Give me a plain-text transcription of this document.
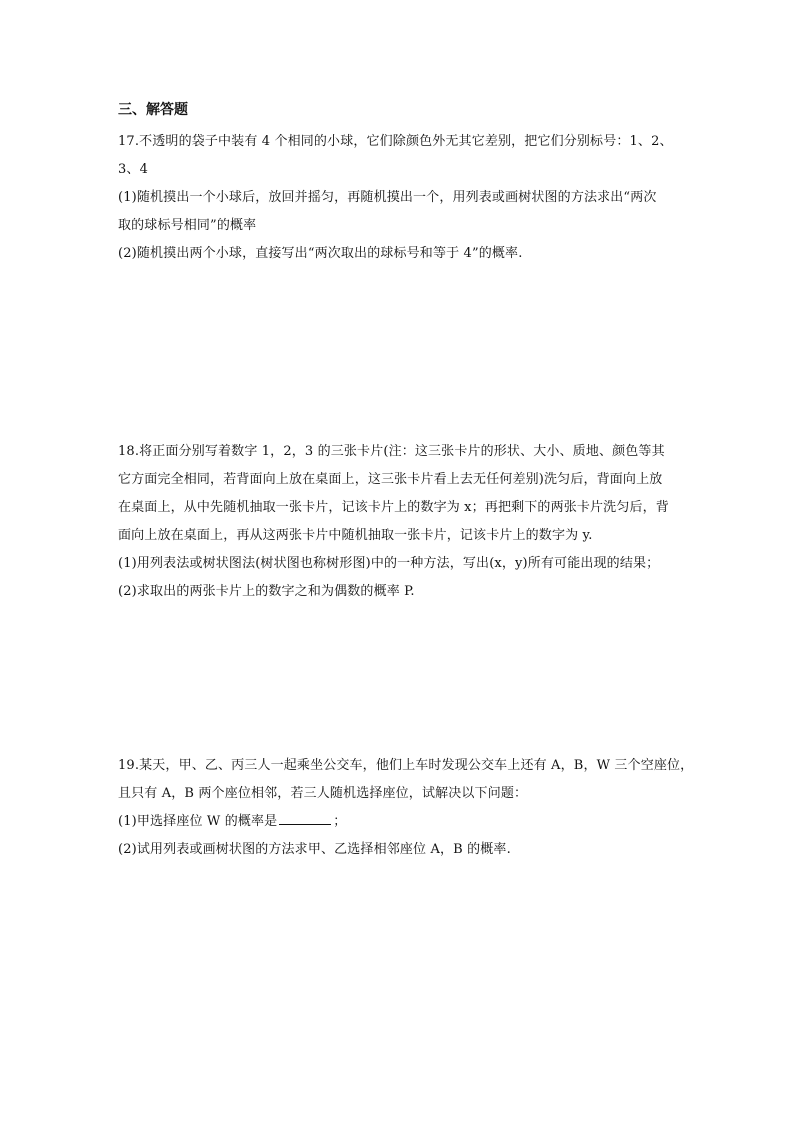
三、解答题
17.不透明的袋子中装有 4 个相同的小球，它们除颜色外无其它差别，把它们分别标号：1、2、
3、4
(1)随机摸出一个小球后，放回并摇匀，再随机摸出一个，用列表或画树状图的方法求出“两次
取的球标号相同”的概率
(2)随机摸出两个小球，直接写出“两次取出的球标号和等于 4”的概率.
18.将正面分别写着数字 1，2，3 的三张卡片(注：这三张卡片的形状、大小、质地、颜色等其
它方面完全相同，若背面向上放在桌面上，这三张卡片看上去无任何差别)洗匀后，背面向上放
在桌面上，从中先随机抽取一张卡片，记该卡片上的数字为 x；再把剩下的两张卡片洗匀后，背
面向上放在桌面上，再从这两张卡片中随机抽取一张卡片，记该卡片上的数字为 y.
(1)用列表法或树状图法(树状图也称树形图)中的一种方法，写出(x，y)所有可能出现的结果；
(2)求取出的两张卡片上的数字之和为偶数的概率 P.
19.某天，甲、乙、丙三人一起乘坐公交车，他们上车时发现公交车上还有 A，B，W 三个空座位，
且只有 A，B 两个座位相邻，若三人随机选择座位，试解决以下问题：
(1)甲选择座位 W 的概率是	；
(2)试用列表或画树状图的方法求甲、乙选择相邻座位 A，B 的概率.
